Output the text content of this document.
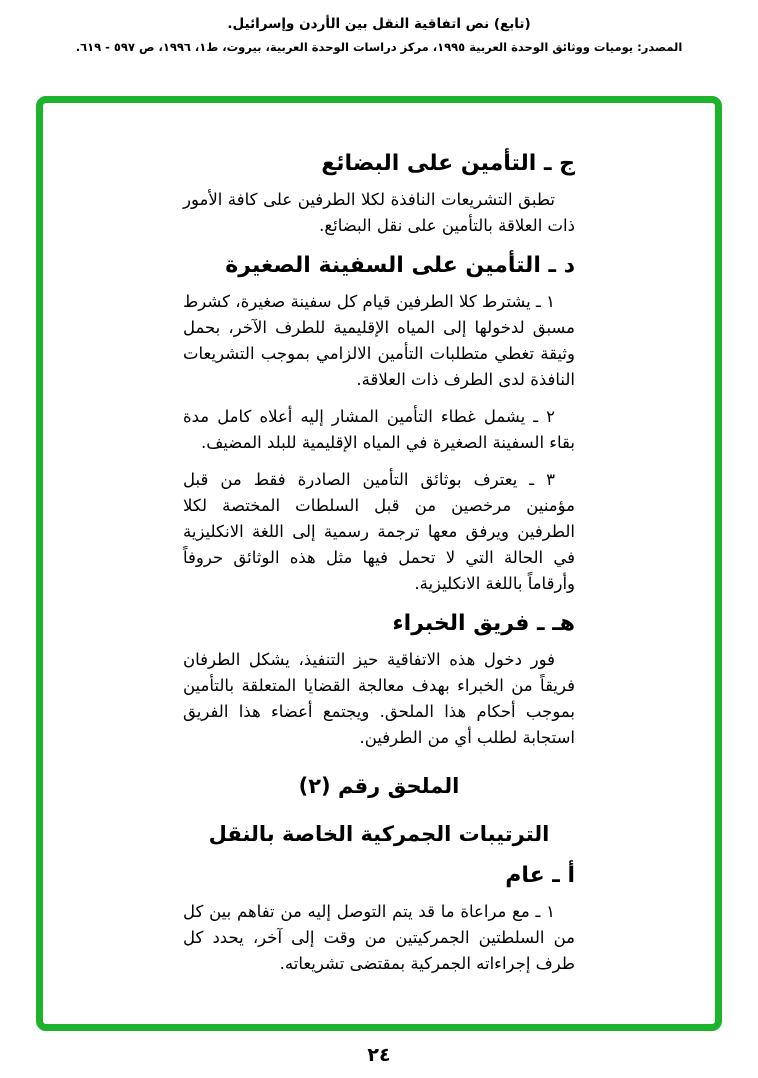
(تابع) نص اتفاقية النقل بين الأردن وإسرائيل.
المصدر: يوميات ووثائق الوحدة العربية ١٩٩٥، مركز دراسات الوحدة العربية، بيروت، ط١، ١٩٩٦، ص ٥٩٧ - ٦١٩.
ج ـ التأمين على البضائع

تطبق التشريعات النافذة لكلا الطرفين على كافة الأمور ذات العلاقة بالتأمين على نقل البضائع.

د ـ التأمين على السفينة الصغيرة

١ ـ يشترط كلا الطرفين قيام كل سفينة صغيرة، كشرط مسبق لدخولها إلى المياه الإقليمية للطرف الآخر، بحمل وثيقة تغطي متطلبات التأمين الالزامي بموجب التشريعات النافذة لدى الطرف ذات العلاقة.

٢ ـ يشمل غطاء التأمين المشار إليه أعلاه كامل مدة بقاء السفينة الصغيرة في المياه الإقليمية للبلد المضيف.

٣ ـ يعترف بوثائق التأمين الصادرة فقط من قبل مؤمنين مرخصين من قبل السلطات المختصة لكلا الطرفين ويرفق معها ترجمة رسمية إلى اللغة الانكليزية في الحالة التي لا تحمل فيها مثل هذه الوثائق حروفاً وأرقاماً باللغة الانكليزية.

هـ ـ فريق الخبراء

فور دخول هذه الاتفاقية حيز التنفيذ، يشكل الطرفان فريقاً من الخبراء بهدف معالجة القضايا المتعلقة بالتأمين بموجب أحكام هذا الملحق. ويجتمع أعضاء هذا الفريق استجابة لطلب أي من الطرفين.

الملحق رقم (٢)
الترتيبات الجمركية الخاصة بالنقل
أ ـ عام

١ ـ مع مراعاة ما قد يتم التوصل إليه من تفاهم بين كل من السلطتين الجمركيتين من وقت إلى آخر، يحدد كل طرف إجراءاته الجمركية بمقتضى تشريعاته.

٢٤
